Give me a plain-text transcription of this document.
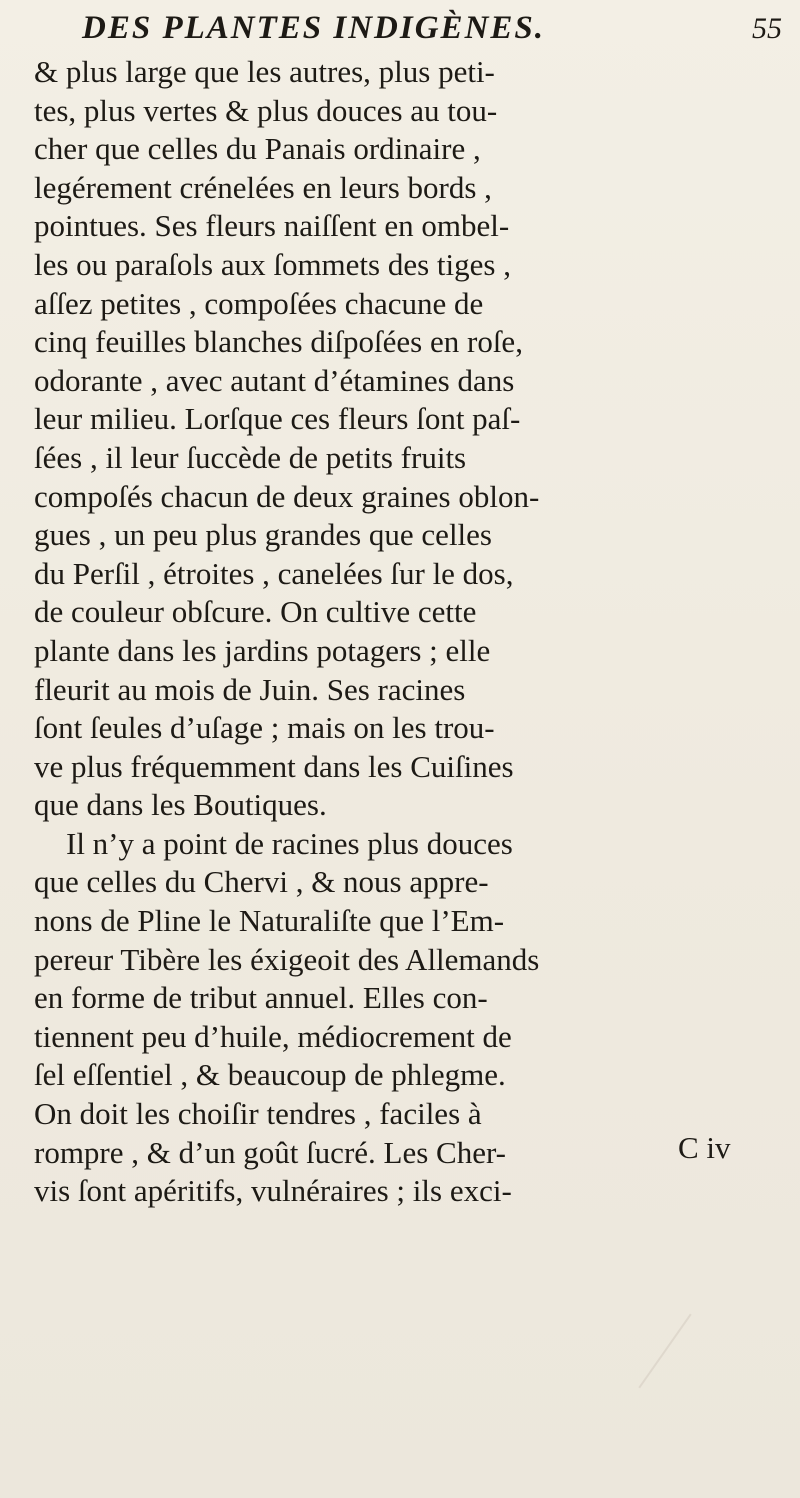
DES PLANTES INDIGÈNES.	55
& plus large que les autres, plus peti-
tes, plus vertes & plus douces au tou-
cher que celles du Panais ordinaire ,
legérement crénelées en leurs bords ,
pointues. Ses fleurs naiſſent en ombel-
les ou paraſols aux ſommets des tiges ,
aſſez petites , compoſées chacune de
cinq feuilles blanches diſpoſées en roſe,
odorante , avec autant d’étamines dans
leur milieu. Lorſque ces fleurs ſont paſ-
ſées , il leur ſuccède de petits fruits
compoſés chacun de deux graines oblon-
gues , un peu plus grandes que celles
du Perſil , étroites , canelées ſur le dos,
de couleur obſcure. On cultive cette
plante dans les jardins potagers ; elle
fleurit au mois de Juin. Ses racines
ſont ſeules d’uſage ; mais on les trou-
ve plus fréquemment dans les Cuiſines
que dans les Boutiques.
Il n’y a point de racines plus douces
que celles du Chervi , & nous appre-
nons de Pline le Naturaliſte que l’Em-
pereur Tibère les éxigeoit des Allemands
en forme de tribut annuel. Elles con-
tiennent peu d’huile, médiocrement de
ſel eſſentiel , & beaucoup de phlegme.
On doit les choiſir tendres , faciles à
rompre , & d’un goût ſucré. Les Cher-
vis ſont apéritifs, vulnéraires ; ils exci-
C iv
